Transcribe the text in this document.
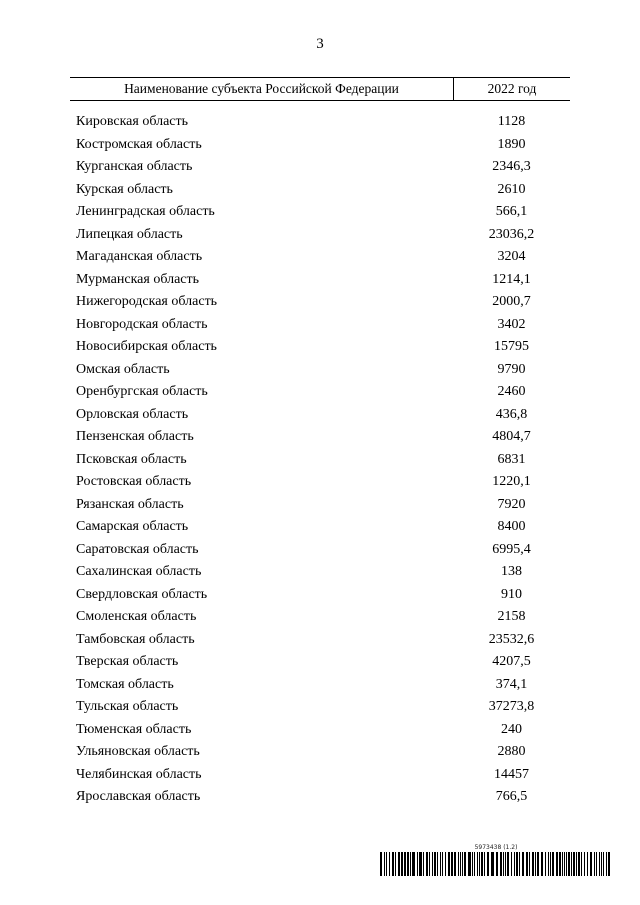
3
Наименование субъекта Российской Федерации	2022 год
Кировская область	1128
Костромская область	1890
Курганская область	2346,3
Курская область	2610
Ленинградская область	566,1
Липецкая область	23036,2
Магаданская область	3204
Мурманская область	1214,1
Нижегородская область	2000,7
Новгородская область	3402
Новосибирская область	15795
Омская область	9790
Оренбургская область	2460
Орловская область	436,8
Пензенская область	4804,7
Псковская область	6831
Ростовская область	1220,1
Рязанская область	7920
Самарская область	8400
Саратовская область	6995,4
Сахалинская область	138
Свердловская область	910
Смоленская область	2158
Тамбовская область	23532,6
Тверская область	4207,5
Томская область	374,1
Тульская область	37273,8
Тюменская область	240
Ульяновская область	2880
Челябинская область	14457
Ярославская область	766,5
5973438 (1.2)
